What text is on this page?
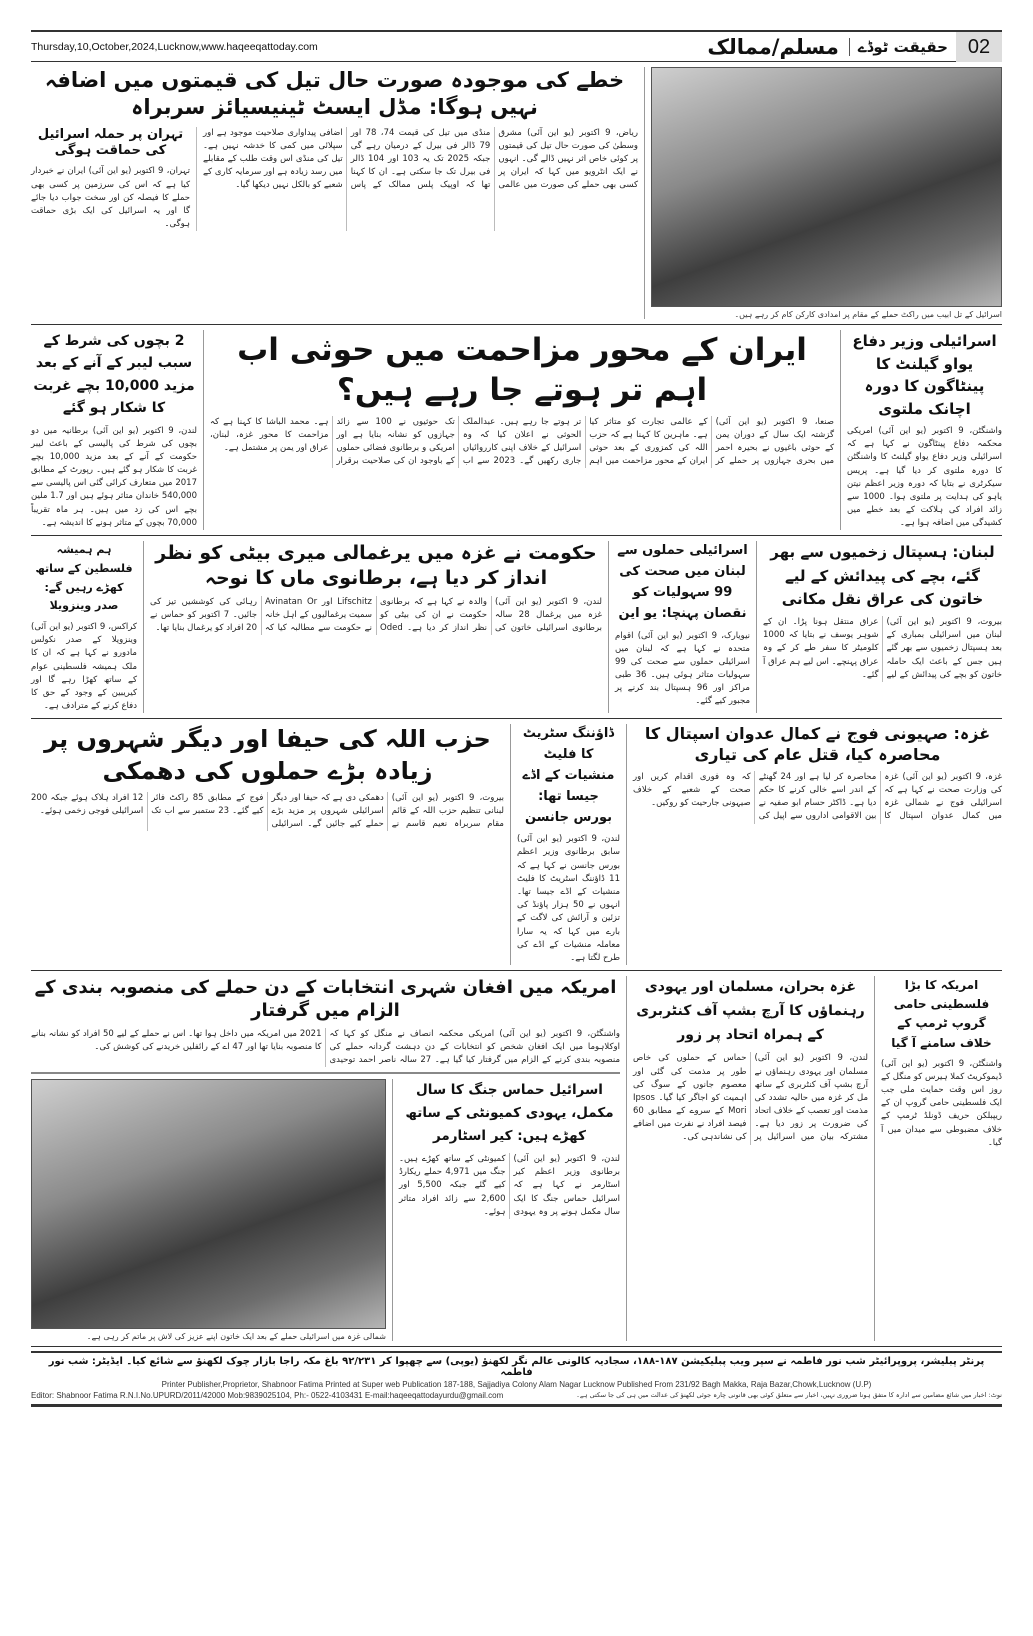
Thursday,10,October,2024,Lucknow,www.haqeeqattoday.com	مسلم/ممالک	حقیقت ٹوڈے 02
اسرائیل کے تل ابیب میں راکٹ حملے کے مقام پر امدادی کارکن کام کر رہے ہیں۔
خطے کی موجودہ صورت حال تیل کی قیمتوں میں اضافہ نہیں ہوگا: مڈل ایسٹ ٹینیسیائز سربراہ
ریاض، 9 اکتوبر (یو این آئی) مشرق وسطیٰ کی صورت حال تیل کی قیمتوں پر کوئی خاص اثر نہیں ڈالے گی۔ انہوں نے ایک انٹرویو میں کہا کہ ایران پر کسی بھی حملے کی صورت میں عالمی منڈی میں تیل کی قیمت 74، 78 اور 79 ڈالر فی بیرل کے درمیان رہے گی جبکہ 2025 تک یہ 103 اور 104 ڈالر فی بیرل تک جا سکتی ہے۔ ان کا کہنا تھا کہ اوپیک پلس ممالک کے پاس اضافی پیداواری صلاحیت موجود ہے اور سپلائی میں کمی کا خدشہ نہیں ہے۔ تیل کی منڈی اس وقت طلب کے مقابلے میں رسد زیادہ ہے اور سرمایہ کاری کے شعبے کو بالکل نہیں دیکھا گیا۔
تہران پر حملہ اسرائیل کی حماقت ہوگی
تہران، 9 اکتوبر (یو این آئی) ایران نے خبردار کیا ہے کہ اس کی سرزمین پر کسی بھی حملے کا فیصلہ کن اور سخت جواب دیا جائے گا اور یہ اسرائیل کی ایک بڑی حماقت ہوگی۔
اسرائیلی وزیر دفاع یواو گیلنٹ کا پینٹاگون کا دورہ اچانک ملتوی
واشنگٹن، 9 اکتوبر (یو این آئی) امریکی محکمہ دفاع پینٹاگون نے کہا ہے کہ اسرائیلی وزیر دفاع یواو گیلنٹ کا واشنگٹن کا دورہ ملتوی کر دیا گیا ہے۔ پریس سیکرٹری نے بتایا کہ دورہ وزیر اعظم نیتن یاہو کی ہدایت پر ملتوی ہوا۔ 1000 سے زائد افراد کی ہلاکت کے بعد خطے میں کشیدگی میں اضافہ ہوا ہے۔
ایران کے محور مزاحمت میں حوثی اب اہم تر ہوتے جا رہے ہیں؟
صنعا، 9 اکتوبر (یو این آئی) گزشتہ ایک سال کے دوران یمن کے حوثی باغیوں نے بحیرہ احمر میں بحری جہازوں پر حملے کر کے عالمی تجارت کو متاثر کیا ہے۔ ماہرین کا کہنا ہے کہ حزب اللہ کی کمزوری کے بعد حوثی ایران کے محور مزاحمت میں اہم تر ہوتے جا رہے ہیں۔ عبدالملک الحوثی نے اعلان کیا کہ وہ اسرائیل کے خلاف اپنی کارروائیاں جاری رکھیں گے۔ 2023 سے اب تک حوثیوں نے 100 سے زائد جہازوں کو نشانہ بنایا ہے اور امریکی و برطانوی فضائی حملوں کے باوجود ان کی صلاحیت برقرار ہے۔ محمد الباشا کا کہنا ہے کہ مزاحمت کا محور غزہ، لبنان، عراق اور یمن پر مشتمل ہے۔
2 بچوں کی شرط کے سبب لیبر کے آنے کے بعد مزید 10,000 بچے غربت کا شکار ہو گئے
لندن، 9 اکتوبر (یو این آئی) برطانیہ میں دو بچوں کی شرط کی پالیسی کے باعث لیبر حکومت کے آنے کے بعد مزید 10,000 بچے غربت کا شکار ہو گئے ہیں۔ رپورٹ کے مطابق 2017 میں متعارف کرائی گئی اس پالیسی سے 540,000 خاندان متاثر ہوئے ہیں اور 1.7 ملین بچے اس کی زد میں ہیں۔ ہر ماہ تقریباً 70,000 بچوں کے متاثر ہونے کا اندیشہ ہے۔
لبنان: ہسپتال زخمیوں سے بھر گئے، بچے کی پیدائش کے لیے خاتون کی عراق نقل مکانی
بیروت، 9 اکتوبر (یو این آئی) لبنان میں اسرائیلی بمباری کے بعد ہسپتال زخمیوں سے بھر گئے ہیں جس کے باعث ایک حاملہ خاتون کو بچے کی پیدائش کے لیے عراق منتقل ہونا پڑا۔ ان کے شوہر یوسف نے بتایا کہ 1000 کلومیٹر کا سفر طے کر کے وہ عراق پہنچے۔ اس لیے ہم عراق آ گئے۔
اسرائیلی حملوں سے لبنان میں صحت کی 99 سہولیات کو نقصان پہنچا: یو این
نیویارک، 9 اکتوبر (یو این آئی) اقوام متحدہ نے کہا ہے کہ لبنان میں اسرائیلی حملوں سے صحت کی 99 سہولیات متاثر ہوئی ہیں۔ 36 طبی مراکز اور 96 ہسپتال بند کرنے پر مجبور کیے گئے۔
حکومت نے غزہ میں یرغمالی میری بیٹی کو نظر انداز کر دیا ہے، برطانوی ماں کا نوحہ
لندن، 9 اکتوبر (یو این آئی) غزہ میں یرغمال 28 سالہ برطانوی اسرائیلی خاتون کی والدہ نے کہا ہے کہ برطانوی حکومت نے ان کی بیٹی کو نظر انداز کر دیا ہے۔ Oded Lifschitz اور Avinatan Or سمیت یرغمالیوں کے اہل خانہ نے حکومت سے مطالبہ کیا کہ رہائی کی کوششیں تیز کی جائیں۔ 7 اکتوبر کو حماس نے 20 افراد کو یرغمال بنایا تھا۔
ہم ہمیشہ فلسطین کے ساتھ کھڑے رہیں گے: صدر وینزویلا
کراکس، 9 اکتوبر (یو این آئی) وینزویلا کے صدر نکولس مادورو نے کہا ہے کہ ان کا ملک ہمیشہ فلسطینی عوام کے ساتھ کھڑا رہے گا اور کیریبین کے وجود کے حق کا دفاع کرنے کے مترادف ہے۔
غزہ: صہیونی فوج نے کمال عدوان اسپتال کا محاصرہ کیا، قتل عام کی تیاری
غزہ، 9 اکتوبر (یو این آئی) غزہ کی وزارت صحت نے کہا ہے کہ اسرائیلی فوج نے شمالی غزہ میں کمال عدوان اسپتال کا محاصرہ کر لیا ہے اور 24 گھنٹے کے اندر اسے خالی کرنے کا حکم دیا ہے۔ ڈاکٹر حسام ابو صفیہ نے بین الاقوامی اداروں سے اپیل کی کہ وہ فوری اقدام کریں اور صحت کے شعبے کے خلاف صیہونی جارحیت کو روکیں۔
ڈاؤننگ سٹریٹ کا فلیٹ منشیات کے اڈے جیسا تھا: بورس جانسن
لندن، 9 اکتوبر (یو این آئی) سابق برطانوی وزیر اعظم بورس جانسن نے کہا ہے کہ 11 ڈاؤننگ اسٹریٹ کا فلیٹ منشیات کے اڈے جیسا تھا۔ انہوں نے 50 ہزار پاؤنڈ کی تزئین و آرائش کی لاگت کے بارے میں کہا کہ یہ سارا معاملہ منشیات کے اڈے کی طرح لگتا ہے۔
حزب اللہ کی حیفا اور دیگر شہروں پر زیادہ بڑے حملوں کی دھمکی
بیروت، 9 اکتوبر (یو این آئی) لبنانی تنظیم حزب اللہ کے قائم مقام سربراہ نعیم قاسم نے دھمکی دی ہے کہ حیفا اور دیگر اسرائیلی شہروں پر مزید بڑے حملے کیے جائیں گے۔ اسرائیلی فوج کے مطابق 85 راکٹ فائر کیے گئے۔ 23 ستمبر سے اب تک 12 افراد ہلاک ہوئے جبکہ 200 اسرائیلی فوجی زخمی ہوئے۔
امریکہ کا بڑا فلسطینی حامی گروپ ٹرمپ کے خلاف سامنے آ گیا
واشنگٹن، 9 اکتوبر (یو این آئی) ڈیموکریٹ کملا ہیرس کو منگل کے روز اس وقت حمایت ملی جب ایک فلسطینی حامی گروپ ان کے ریپبلکن حریف ڈونلڈ ٹرمپ کے خلاف مضبوطی سے میدان میں آ گیا۔
غزہ بحران، مسلمان اور یہودی رہنماؤں کا آرچ بشپ آف کنٹربری کے ہمراہ اتحاد پر زور
لندن، 9 اکتوبر (یو این آئی) مسلمان اور یہودی رہنماؤں نے آرچ بشپ آف کنٹربری کے ساتھ مل کر غزہ میں حالیہ تشدد کی مذمت اور تعصب کے خلاف اتحاد کی ضرورت پر زور دیا ہے۔ مشترکہ بیان میں اسرائیل پر حماس کے حملوں کی خاص طور پر مذمت کی گئی اور معصوم جانوں کے سوگ کی اہمیت کو اجاگر کیا گیا۔ Ipsos Mori کے سروے کے مطابق 60 فیصد افراد نے نفرت میں اضافے کی نشاندہی کی۔
امریکہ میں افغان شہری انتخابات کے دن حملے کی منصوبہ بندی کے الزام میں گرفتار
واشنگٹن، 9 اکتوبر (یو این آئی) امریکی محکمہ انصاف نے منگل کو کہا کہ اوکلاہوما میں ایک افغان شخص کو انتخابات کے دن دہشت گردانہ حملے کی منصوبہ بندی کرنے کے الزام میں گرفتار کیا گیا ہے۔ 27 سالہ ناصر احمد توحیدی 2021 میں امریکہ میں داخل ہوا تھا۔ اس نے حملے کے لیے 50 افراد کو نشانہ بنانے کا منصوبہ بنایا تھا اور 47 اے کے رائفلیں خریدنے کی کوشش کی۔
اسرائیل حماس جنگ کا سال مکمل، یہودی کمیونٹی کے ساتھ کھڑے ہیں: کیر اسٹارمر
لندن، 9 اکتوبر (یو این آئی) برطانوی وزیر اعظم کیر اسٹارمر نے کہا ہے کہ اسرائیل حماس جنگ کا ایک سال مکمل ہونے پر وہ یہودی کمیونٹی کے ساتھ کھڑے ہیں۔ جنگ میں 4,971 حملے ریکارڈ کیے گئے جبکہ 5,500 اور 2,600 سے زائد افراد متاثر ہوئے۔
شمالی غزہ میں اسرائیلی حملے کے بعد ایک خاتون اپنے عزیز کی لاش پر ماتم کر رہی ہے۔
پرنٹر پبلیشر، پروپرائیٹر شب نور فاطمہ نے سپر ویب پبلیکیشن ۱۸۷-۱۸۸، سجادیہ کالونی عالم نگر لکھنؤ (یوپی) سے چھپوا کر ۹۲/۲۳۱ باغ مکہ راجا بازار چوک لکھنؤ سے شائع کیا۔ ایڈیٹر: شب نور فاطمہ
Printer Publisher,Proprietor, Shabnoor Fatima Printed at Super web Publication 187-188, Sajjadiya Colony Alam Nagar Lucknow Published From 231/92 Bagh Makka, Raja Bazar,Chowk,Lucknow (U.P)
Editor: Shabnoor Fatima R.N.I.No.UPURD/2011/42000 Mob:9839025104, Ph:- 0522-4103431 E-mail:haqeeqattodayurdu@gmail.com	نوٹ: اخبار میں شائع مضامین سے ادارہ کا متفق ہونا ضروری نہیں، اخبار سے متعلق کوئی بھی قانونی چارہ جوئی لکھنؤ کی عدالت میں ہی کی جا سکتی ہے۔
